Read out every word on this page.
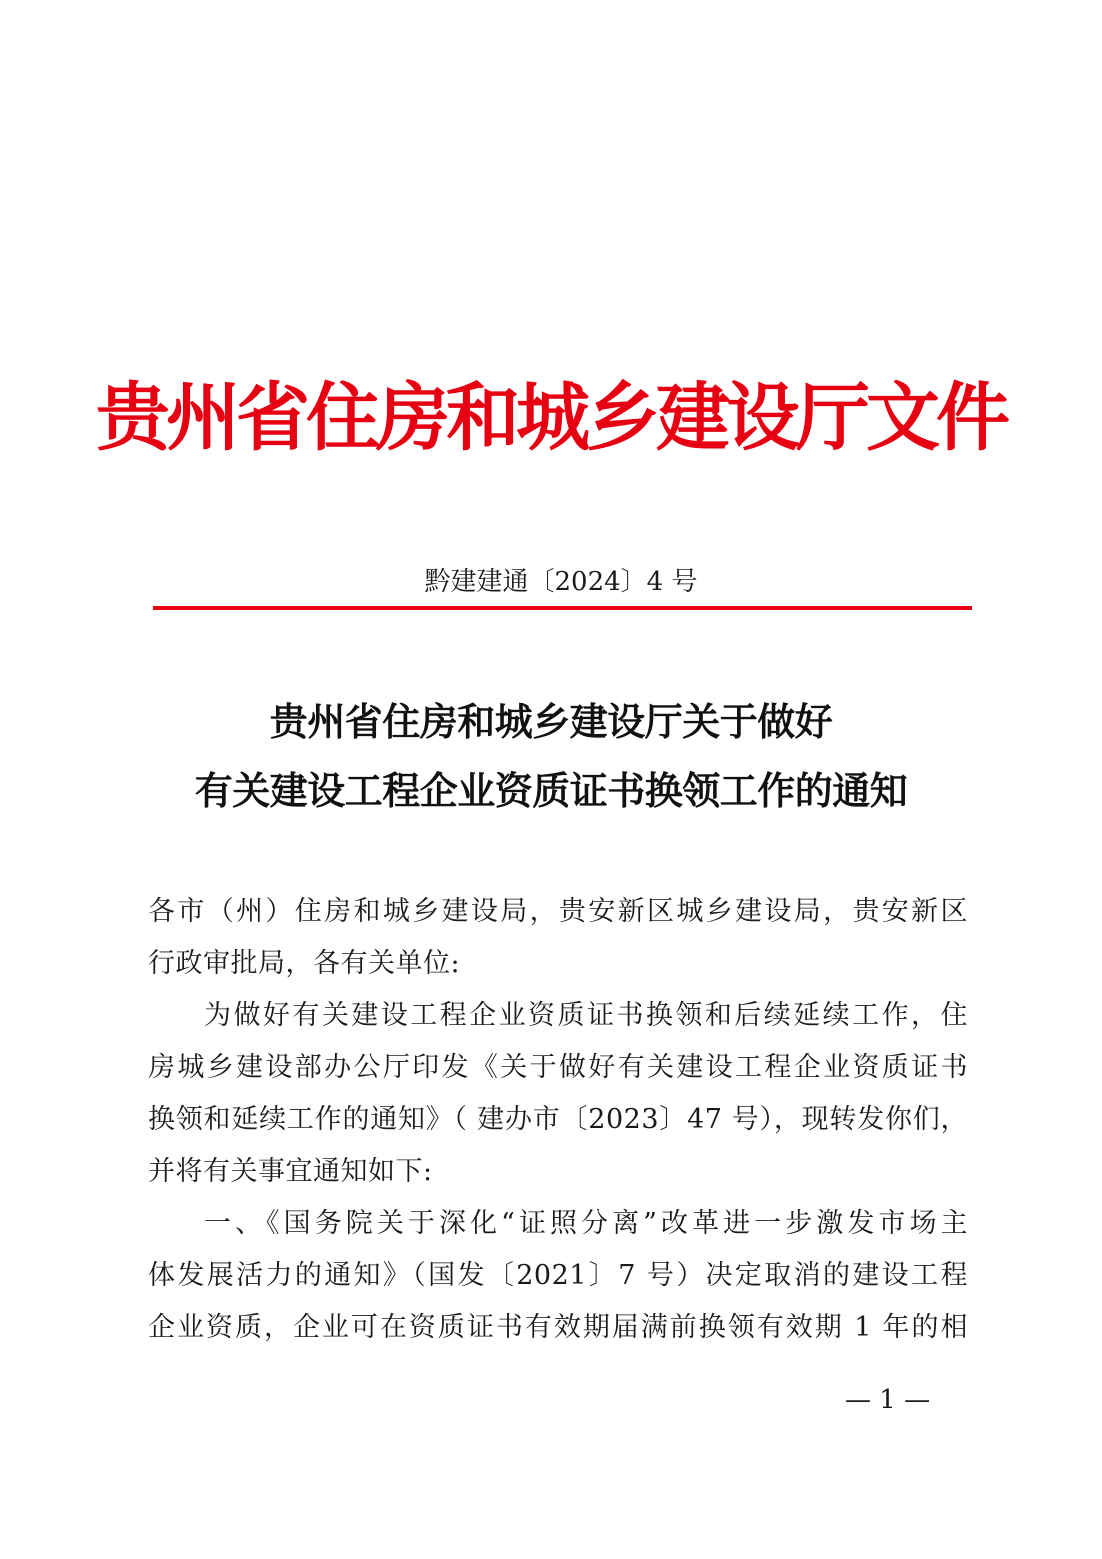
贵州省住房和城乡建设厅文件
黔建建通〔2024〕4 号
贵州省住房和城乡建设厅关于做好
有关建设工程企业资质证书换领工作的通知
各市（州）住房和城乡建设局，贵安新区城乡建设局，贵安新区
行政审批局，各有关单位:
为做好有关建设工程企业资质证书换领和后续延续工作，住
房城乡建设部办公厅印发《关于做好有关建设工程企业资质证书
换领和延续工作的通知》（ 建办市〔2023〕47 号），现转发你们，
并将有关事宜通知如下:
一、《国务院关于深化“证照分离”改革进一步激发市场主
体发展活力的通知》（国发〔2021〕7 号）决定取消的建设工程
企业资质，企业可在资质证书有效期届满前换领有效期 1 年的相
— 1 —
